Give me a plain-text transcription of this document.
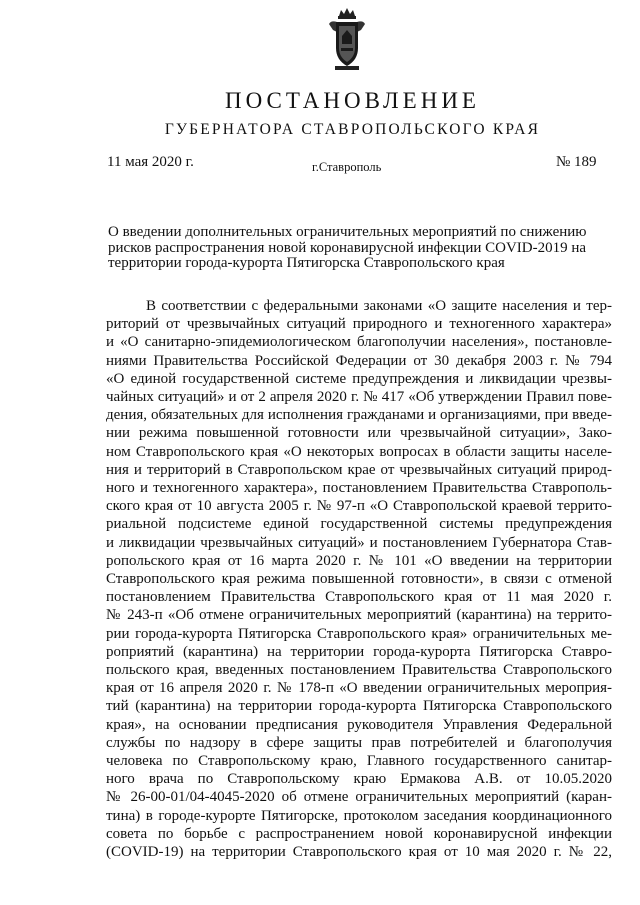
ПОСТАНОВЛЕНИЕ
ГУБЕРНАТОРА СТАВРОПОЛЬСКОГО КРАЯ
11 мая 2020 г.	г.Ставрополь	№ 189
О введении дополнительных ограничительных мероприятий по снижению
рисков распространения новой коронавирусной инфекции COVID-2019 на
территории города-курорта Пятигорска Ставропольского края
В соответствии с федеральными законами «О защите населения и тер-
риторий от чрезвычайных ситуаций природного и техногенного характера»
и «О санитарно-эпидемиологическом благополучии населения», постановле-
ниями Правительства Российской Федерации от 30 декабря 2003 г. № 794
«О единой государственной системе предупреждения и ликвидации чрезвы-
чайных ситуаций» и от 2 апреля 2020 г. № 417 «Об утверждении Правил пове-
дения, обязательных для исполнения гражданами и организациями, при введе-
нии режима повышенной готовности или чрезвычайной ситуации», Зако-
ном Ставропольского края «О некоторых вопросах в области защиты населе-
ния и территорий в Ставропольском крае от чрезвычайных ситуаций природ-
ного и техногенного характера», постановлением Правительства Ставрополь-
ского края от 10 августа 2005 г. № 97-п «О Ставропольской краевой террито-
риальной подсистеме единой государственной системы предупреждения
и ликвидации чрезвычайных ситуаций» и постановлением Губернатора Став-
ропольского края от 16 марта 2020 г. № 101 «О введении на территории
Ставропольского края режима повышенной готовности», в связи с отменой
постановлением Правительства Ставропольского края от 11 мая 2020 г.
№ 243-п «Об отмене ограничительных мероприятий (карантина) на террито-
рии города-курорта Пятигорска Ставропольского края» ограничительных ме-
роприятий (карантина) на территории города-курорта Пятигорска Ставро-
польского края, введенных постановлением Правительства Ставропольского
края от 16 апреля 2020 г. № 178-п «О введении ограничительных мероприя-
тий (карантина) на территории города-курорта Пятигорска Ставропольского
края», на основании предписания руководителя Управления Федеральной
службы по надзору в сфере защиты прав потребителей и благополучия
человека по Ставропольскому краю, Главного государственного санитар-
ного врача по Ставропольскому краю Ермакова А.В. от 10.05.2020
№ 26-00-01/04-4045-2020 об отмене ограничительных мероприятий (каран-
тина) в городе-курорте Пятигорске, протоколом заседания координационного
совета по борьбе с распространением новой коронавирусной инфекции
(COVID-19) на территории Ставропольского края от 10 мая 2020 г. № 22,
